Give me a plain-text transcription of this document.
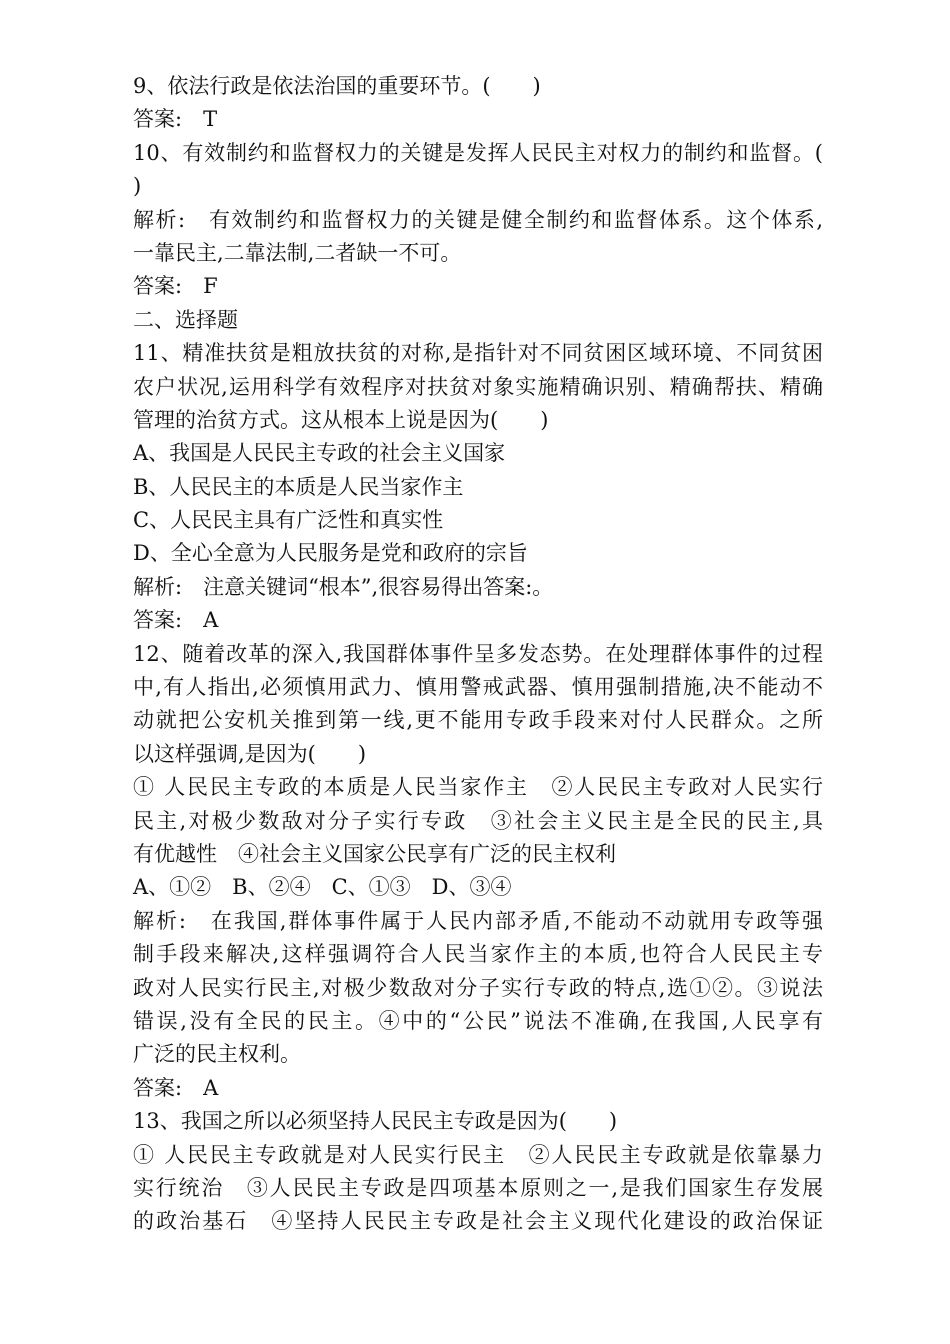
9、依法行政是依法治国的重要环节。(　　)
答案:　T
10、有效制约和监督权力的关键是发挥人民民主对权力的制约和监督。(
)
解析:　有效制约和监督权力的关键是健全制约和监督体系。这个体系,
一靠民主,二靠法制,二者缺一不可。
答案:　F
二、选择题
11、精准扶贫是粗放扶贫的对称,是指针对不同贫困区域环境、不同贫困
农户状况,运用科学有效程序对扶贫对象实施精确识别、精确帮扶、精确
管理的治贫方式。这从根本上说是因为(　　)
A、我国是人民民主专政的社会主义国家
B、人民民主的本质是人民当家作主
C、人民民主具有广泛性和真实性
D、全心全意为人民服务是党和政府的宗旨
解析:　注意关键词“根本”,很容易得出答案:。
答案:　A
12、随着改革的深入,我国群体事件呈多发态势。在处理群体事件的过程
中,有人指出,必须慎用武力、慎用警戒武器、慎用强制措施,决不能动不
动就把公安机关推到第一线,更不能用专政手段来对付人民群众。之所
以这样强调,是因为(　　)
① 人民民主专政的本质是人民当家作主　②人民民主专政对人民实行
民主,对极少数敌对分子实行专政　③社会主义民主是全民的民主,具
有优越性　④社会主义国家公民享有广泛的民主权利
A、①②　B、②④　C、①③　D、③④
解析:　在我国,群体事件属于人民内部矛盾,不能动不动就用专政等强
制手段来解决,这样强调符合人民当家作主的本质,也符合人民民主专
政对人民实行民主,对极少数敌对分子实行专政的特点,选①②。③说法
错误,没有全民的民主。④中的“公民”说法不准确,在我国,人民享有
广泛的民主权利。
答案:　A
13、我国之所以必须坚持人民民主专政是因为(　　)
① 人民民主专政就是对人民实行民主　②人民民主专政就是依靠暴力
实行统治　③人民民主专政是四项基本原则之一,是我们国家生存发展
的政治基石　④坚持人民民主专政是社会主义现代化建设的政治保证
